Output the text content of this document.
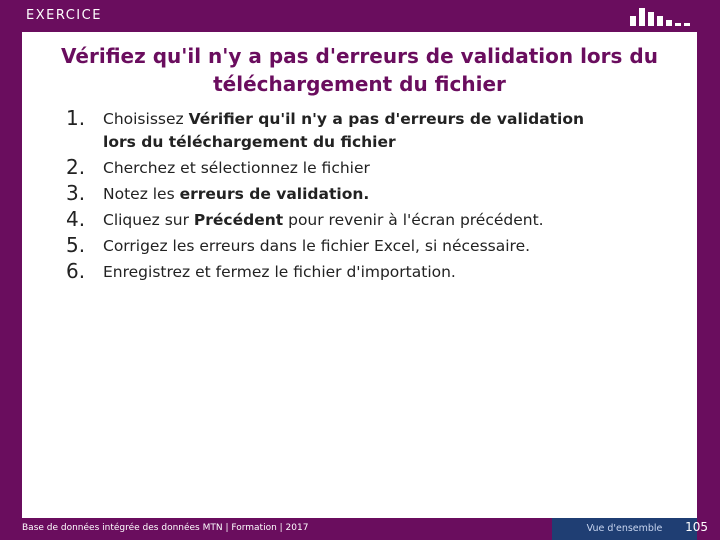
EXERCICE
Vérifiez qu'il n'y a pas d'erreurs de validation lors du
téléchargement du fichier
1. Choisissez Vérifier qu'il n'y a pas d'erreurs de validation
lors du téléchargement du fichier
2. Cherchez et sélectionnez le fichier
3. Notez les erreurs de validation.
4. Cliquez sur Précédent pour revenir à l'écran précédent.
5. Corrigez les erreurs dans le fichier Excel, si nécessaire.
6. Enregistrez et fermez le fichier d'importation.
Base de données intégrée des données MTN | Formation | 2017	Vue d'ensemble	105
